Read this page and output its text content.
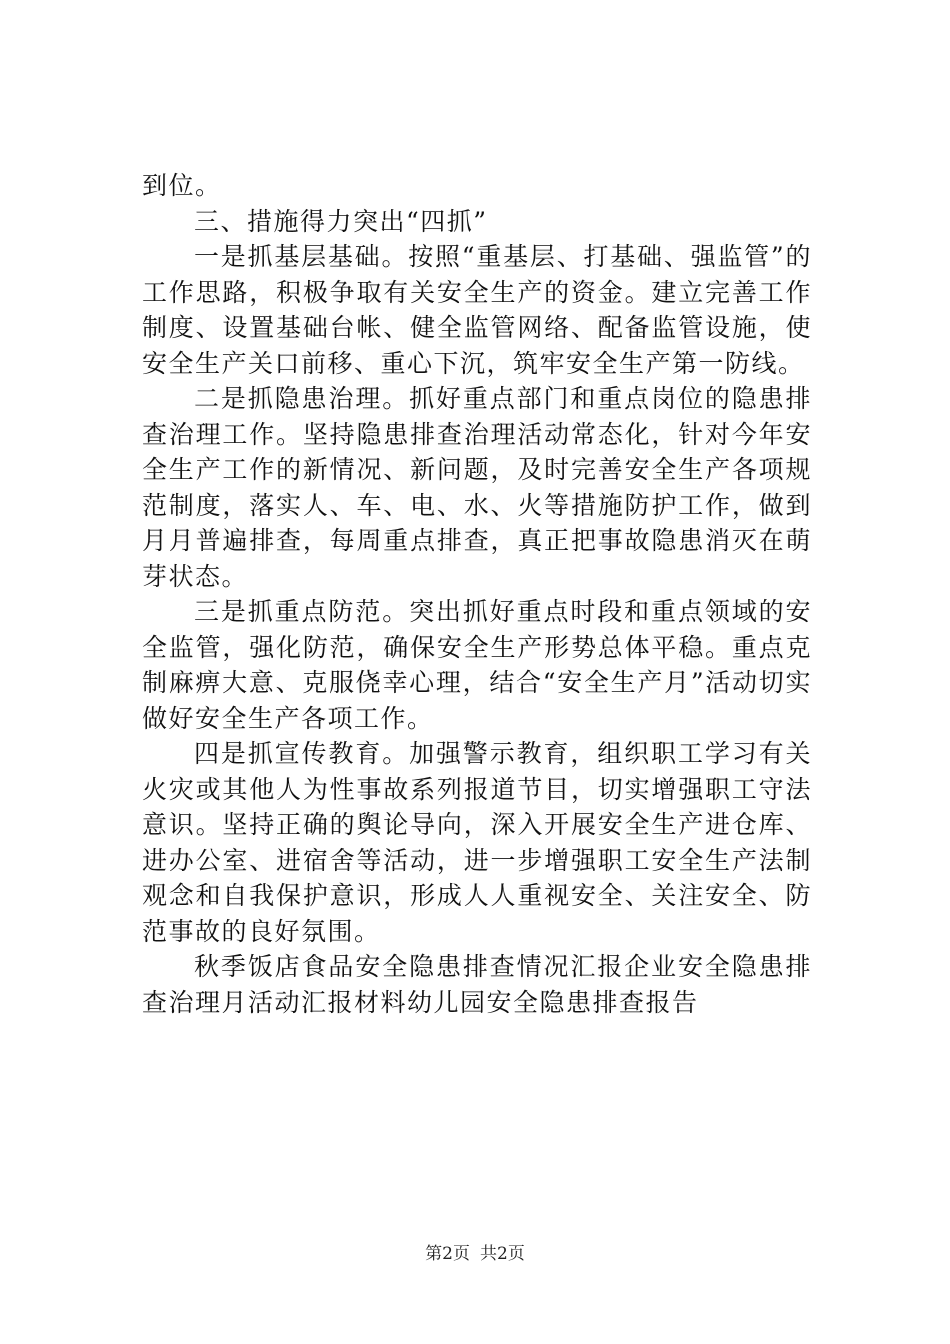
到位。

三、措施得力突出“四抓”

一是抓基层基础。按照“重基层、打基础、强监管”的工作思路，积极争取有关安全生产的资金。建立完善工作制度、设置基础台帐、健全监管网络、配备监管设施，使安全生产关口前移、重心下沉，筑牢安全生产第一防线。

二是抓隐患治理。抓好重点部门和重点岗位的隐患排查治理工作。坚持隐患排查治理活动常态化，针对今年安全生产工作的新情况、新问题，及时完善安全生产各项规范制度，落实人、车、电、水、火等措施防护工作，做到月月普遍排查，每周重点排查，真正把事故隐患消灭在萌芽状态。

三是抓重点防范。突出抓好重点时段和重点领域的安全监管，强化防范，确保安全生产形势总体平稳。重点克制麻痹大意、克服侥幸心理，结合“安全生产月”活动切实做好安全生产各项工作。

四是抓宣传教育。加强警示教育，组织职工学习有关火灾或其他人为性事故系列报道节目，切实增强职工守法意识。坚持正确的舆论导向，深入开展安全生产进仓库、进办公室、进宿舍等活动，进一步增强职工安全生产法制观念和自我保护意识，形成人人重视安全、关注安全、防范事故的良好氛围。

秋季饭店食品安全隐患排查情况汇报企业安全隐患排查治理月活动汇报材料幼儿园安全隐患排查报告

第2页 共2页
